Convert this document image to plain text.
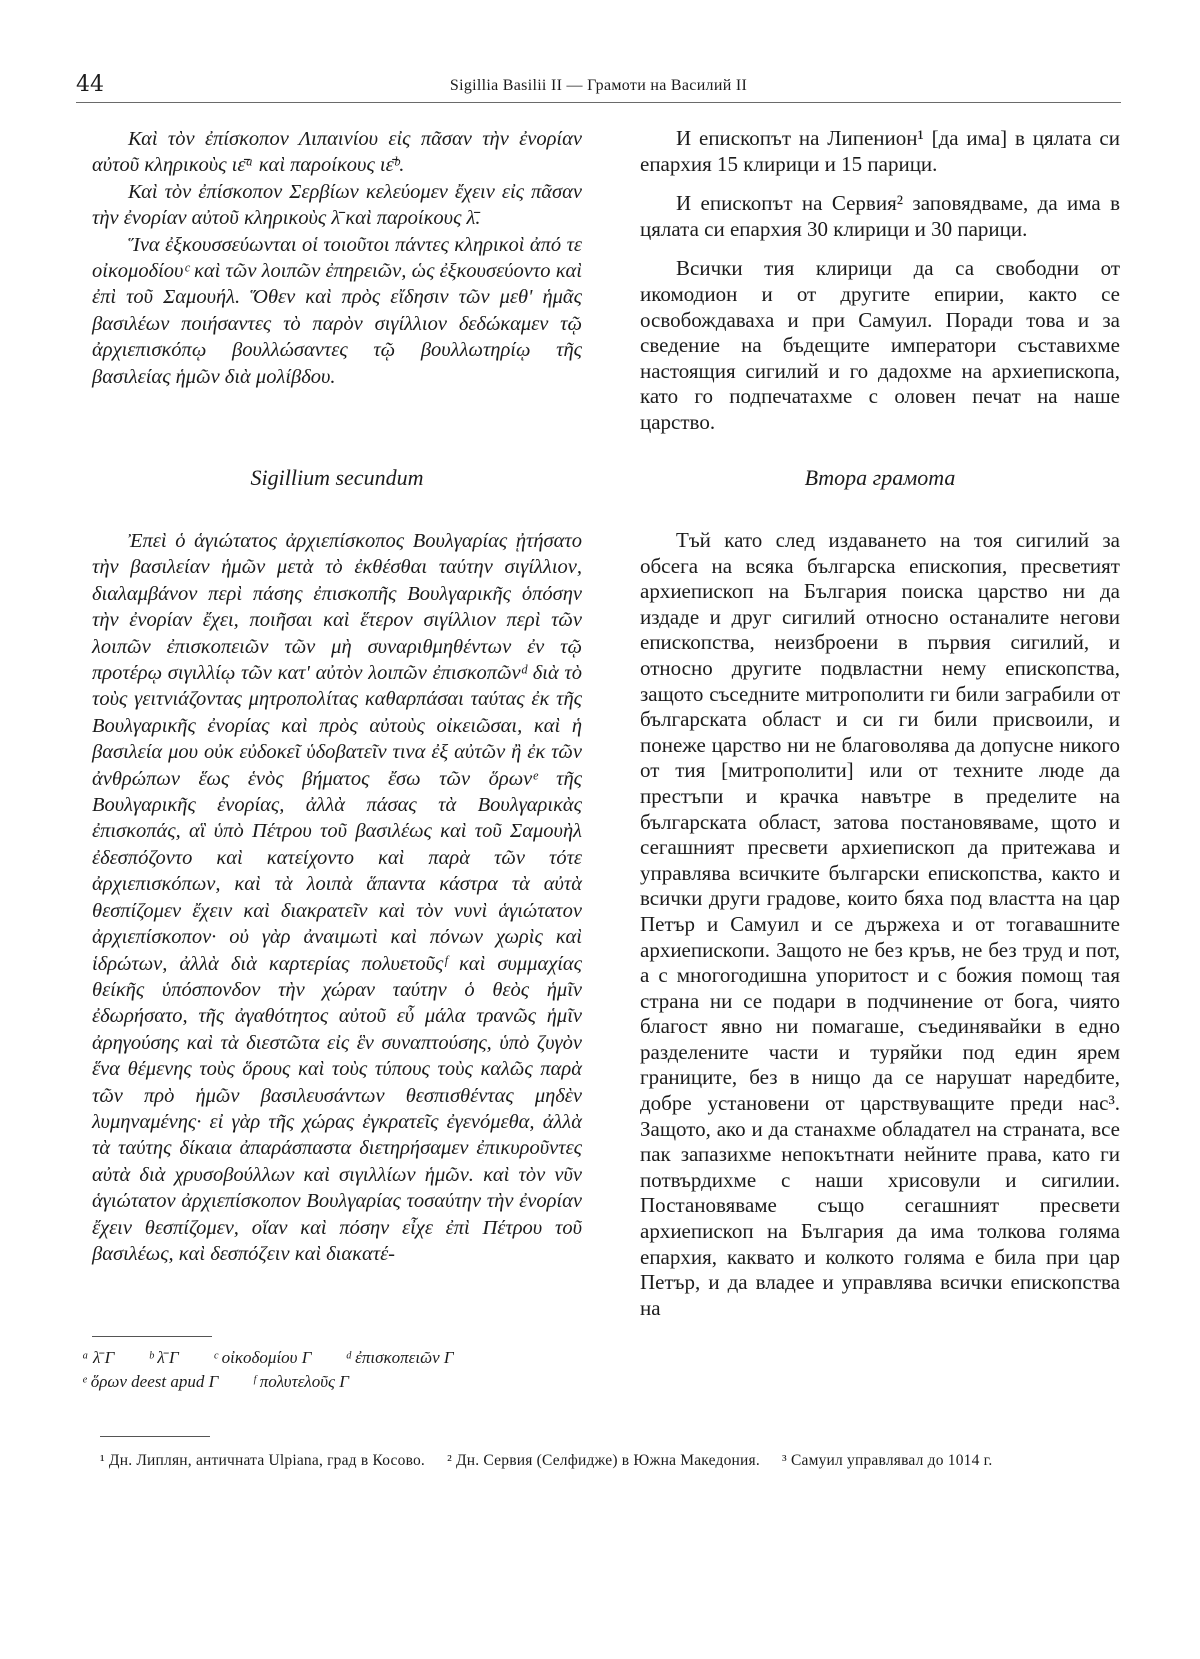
44	Sigillia Basilii II — Грамоти на Василий II

Καὶ τὸν ἐπίσκοπον Λιπαινίου εἰς πᾶσαν τὴν ἐνορίαν αὐτοῦ κληρικοὺς ιε̄ᵃ καὶ παροίκους ιε̄ᵇ.

Καὶ τὸν ἐπίσκοπον Σερβίων κελεύομεν ἔχειν εἰς πᾶσαν τὴν ἐνορίαν αὐτοῦ κληρικοὺς λ̄ καὶ παροίκους λ̄.

Ἵνα ἐξκουσσεύωνται οἱ τοιοῦτοι πάντες κληρικοὶ ἀπό τε οἰκομοδίουᶜ καὶ τῶν λοιπῶν ἐπηρειῶν, ὡς ἐξκουσεύοντο καὶ ἐπὶ τοῦ Σαμουήλ. Ὅθεν καὶ πρὸς εἴδησιν τῶν μεθ' ἡμᾶς βασιλέων ποιήσαντες τὸ παρὸν σιγίλλιον δεδώκαμεν τῷ ἀρχιεπισκόπῳ βουλλώσαντες τῷ βουλλωτηρίῳ τῆς βασιλείας ἡμῶν διὰ μολίβδου.

И епископът на Липенион¹ [да има] в цялата си епархия 15 клирици и 15 парици.

И епископът на Сервия² заповядваме, да има в цялата си епархия 30 клирици и 30 парици.

Всички тия клирици да са свободни от икомодион и от другите епирии, както се освобождаваха и при Самуил. Поради това и за сведение на бъдещите императори съставихме настоящия сигилий и го дадохме на архиепископа, като го подпечатахме с оловен печат на наше царство.

Sigillium secundum	Втора грамота

Ἐπεὶ ὁ ἁγιώτατος ἀρχιεπίσκοπος Βουλγαρίας ᾐτήσατο τὴν βασιλείαν ἡμῶν μετὰ τὸ ἐκθέσθαι ταύτην σιγίλλιον, διαλαμβάνον περὶ πάσης ἐπισκοπῆς Βουλγαρικῆς ὁπόσην τὴν ἐνορίαν ἔχει, ποιῆσαι καὶ ἕτερον σιγίλλιον περὶ τῶν λοιπῶν ἐπισκοπειῶν τῶν μὴ συναριθμηθέντων ἐν τῷ προτέρῳ σιγιλλίῳ τῶν κατ' αὐτὸν λοιπῶν ἐπισκοπῶνᵈ διὰ τὸ τοὺς γειτνιάζοντας μητροπολίτας καθαρπάσαι ταύτας ἐκ τῆς Βουλγαρικῆς ἐνορίας καὶ πρὸς αὐτοὺς οἰκειῶσαι, καὶ ἡ βασιλεία μου οὐκ εὐδοκεῖ ὑδοβατεῖν τινα ἐξ αὐτῶν ἢ ἐκ τῶν ἀνθρώπων ἕως ἑνὸς βήματος ἔσω τῶν ὅρωνᵉ τῆς Βουλγαρικῆς ἐνορίας, ἀλλὰ πάσας τὰ Βουλγαρικὰς ἐπισκοπάς, αἳ ὑπὸ Πέτρου τοῦ βασιλέως καὶ τοῦ Σαμουὴλ ἐδεσπόζοντο καὶ κατείχοντο καὶ παρὰ τῶν τότε ἀρχιεπισκόπων, καὶ τὰ λοιπὰ ἅπαντα κάστρα τὰ αὐτὰ θεσπίζομεν ἔχειν καὶ διακρατεῖν καὶ τὸν νυνὶ ἁγιώτατον ἀρχιεπίσκοπον· οὐ γὰρ ἀναιμωτὶ καὶ πόνων χωρὶς καὶ ἱδρώτων, ἀλλὰ διὰ καρτερίας πολυετοῦςᶠ καὶ συμμαχίας θείκῆς ὑπόσπονδον τὴν χώραν ταύτην ὁ θεὸς ἡμῖν ἐδωρήσατο, τῆς ἀγαθότητος αὐτοῦ εὖ μάλα τρανῶς ἡμῖν ἀρηγούσης καὶ τὰ διεστῶτα εἰς ἓν συναπτούσης, ὑπὸ ζυγὸν ἕνα θέμενης τοὺς ὅρους καὶ τοὺς τύπους τοὺς καλῶς παρὰ τῶν πρὸ ἡμῶν βασιλευσάντων θεσπισθέντας μηδὲν λυμηναμένης· εἰ γὰρ τῆς χώρας ἐγκρατεῖς ἐγενόμεθα, ἀλλὰ τὰ ταύτης δίκαια ἀπαράσπαστα διετηρήσαμεν ἐπικυροῦντες αὐτὰ διὰ χρυσοβούλλων καὶ σιγιλλίων ἡμῶν. καὶ τὸν νῦν ἁγιώτατον ἀρχιεπίσκοπον Βουλγαρίας τοσαύτην τὴν ἐνορίαν ἔχειν θεσπίζομεν, οἵαν καὶ πόσην εἶχε ἐπὶ Πέτρου τοῦ βασιλέως, καὶ δεσπόζειν καὶ διακατέ-

Тъй като след издаването на тоя сигилий за обсега на всяка българска епископия, пресветият архиепископ на България поиска царство ни да издаде и друг сигилий относно останалите негови епископства, неизброени в първия сигилий, и относно другите подвластни нему епископства, защото съседните митрополити ги били заграбили от българската област и си ги били присвоили, и понеже царство ни не благоволява да допусне никого от тия [митрополити] или от техните люде да престъпи и крачка навътре в пределите на българската област, затова постановяваме, щото и сегашният пресвети архиепископ да притежава и управлява всичките български епископства, както и всички други градове, които бяха под властта на цар Петър и Самуил и се държеха и от тогавашните архиепископи. Защото не без кръв, не без труд и пот, а с многогодишна упоритост и с божия помощ тая страна ни се подари в подчинение от бога, чиято благост явно ни помагаше, съединявайки в едно разделените части и туряйки под един ярем границите, без в нищо да се нарушат наредбите, добре установени от царствуващите преди нас³. Защото, ако и да станахме обладател на страната, все пак запазихме непокътнати нейните права, като ги потвърдихме с наши хрисовули и сигилии. Постановяваме също сегашният пресвети архиепископ на България да има толкова голяма епархия, каквато и колкото голяма е била при цар Петър, и да владее и управлява всички епископства на

ᵃ λ̄ Γ ᵇ λ̄ Γ ᶜ οἰκοδομίου Γ ᵈ ἐπισκοπειῶν Γ
ᵉ ὅρων deest apud Γ ᶠ πολυτελοῦς Γ
¹ Дн. Липлян, античната Ulpiana, град в Косово. ² Дн. Сервия (Селфидже) в Южна Македония. ³ Самуил управлявал до 1014 г.
